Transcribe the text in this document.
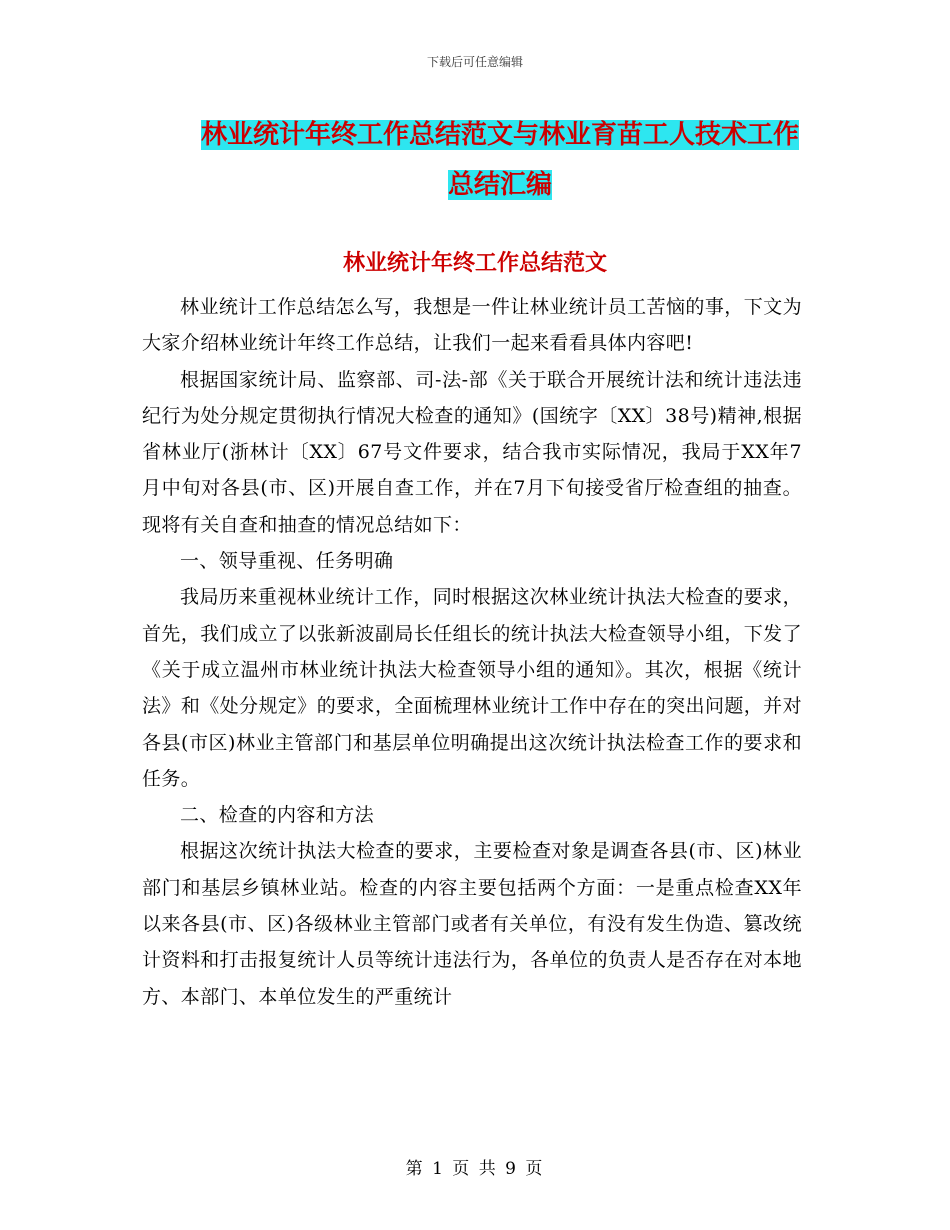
下载后可任意编辑
林业统计年终工作总结范文与林业育苗工人技术工作
总结汇编
林业统计年终工作总结范文

林业统计工作总结怎么写，我想是一件让林业统计员工苦恼的事，下文为大家介绍林业统计年终工作总结，让我们一起来看看具体内容吧!

根据国家统计局、监察部、司-法-部《关于联合开展统计法和统计违法违纪行为处分规定贯彻执行情况大检查的通知》(国统字〔XX〕38号)精神,根据省林业厅(浙林计〔XX〕67号文件要求，结合我市实际情况，我局于XX年7月中旬对各县(市、区)开展自查工作，并在7月下旬接受省厅检查组的抽查。现将有关自查和抽查的情况总结如下：

一、领导重视、任务明确

我局历来重视林业统计工作，同时根据这次林业统计执法大检查的要求，首先，我们成立了以张新波副局长任组长的统计执法大检查领导小组，下发了《关于成立温州市林业统计执法大检查领导小组的通知》。其次，根据《统计法》和《处分规定》的要求，全面梳理林业统计工作中存在的突出问题，并对各县(市区)林业主管部门和基层单位明确提出这次统计执法检查工作的要求和任务。

二、检查的内容和方法

根据这次统计执法大检查的要求，主要检查对象是调查各县(市、区)林业部门和基层乡镇林业站。检查的内容主要包括两个方面：一是重点检查XX年以来各县(市、区)各级林业主管部门或者有关单位，有没有发生伪造、篡改统计资料和打击报复统计人员等统计违法行为，各单位的负责人是否存在对本地方、本部门、本单位发生的严重统计

第 1 页 共 9 页
